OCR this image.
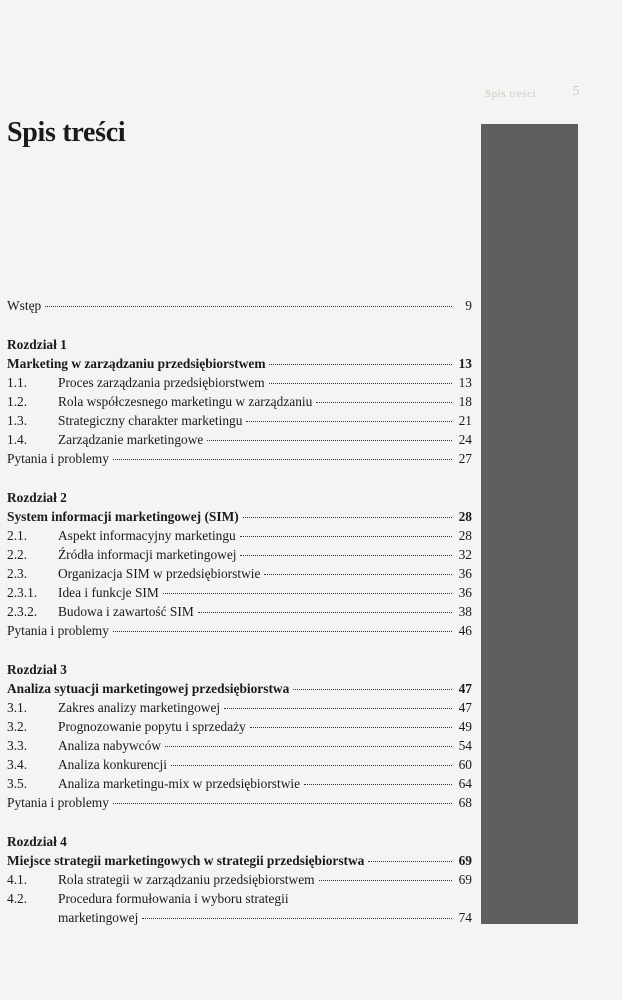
Spis treści	5
Spis treści
Wstęp	9
Rozdział 1
Marketing w zarządzaniu przedsiębiorstwem	13
1.1.	Proces zarządzania przedsiębiorstwem	13
1.2.	Rola współczesnego marketingu w zarządzaniu	18
1.3.	Strategiczny charakter marketingu	21
1.4.	Zarządzanie marketingowe	24
Pytania i problemy	27
Rozdział 2
System informacji marketingowej (SIM)	28
2.1.	Aspekt informacyjny marketingu	28
2.2.	Źródła informacji marketingowej	32
2.3.	Organizacja SIM w przedsiębiorstwie	36
2.3.1.	Idea i funkcje SIM	36
2.3.2.	Budowa i zawartość SIM	38
Pytania i problemy	46
Rozdział 3
Analiza sytuacji marketingowej przedsiębiorstwa	47
3.1.	Zakres analizy marketingowej	47
3.2.	Prognozowanie popytu i sprzedaży	49
3.3.	Analiza nabywców	54
3.4.	Analiza konkurencji	60
3.5.	Analiza marketingu-mix w przedsiębiorstwie	64
Pytania i problemy	68
Rozdział 4
Miejsce strategii marketingowych w strategii przedsiębiorstwa	69
4.1.	Rola strategii w zarządzaniu przedsiębiorstwem	69
4.2.	Procedura formułowania i wyboru strategii
marketingowej	74
